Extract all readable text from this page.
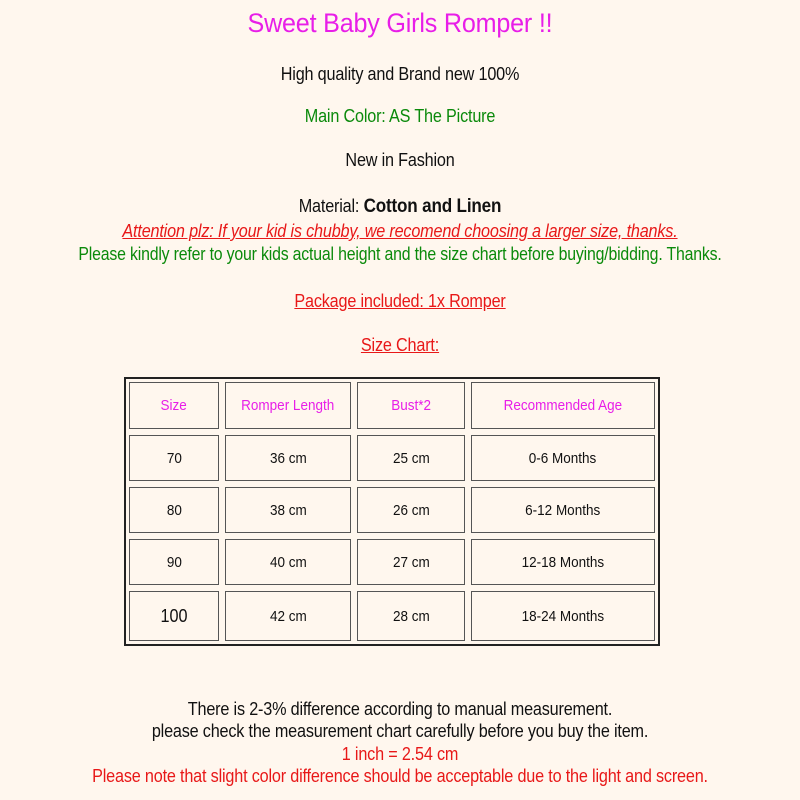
Sweet Baby Girls Romper !!
High quality and Brand new 100%
Main Color: AS The Picture
New in Fashion
Material: Cotton and Linen
Attention plz: If your kid is chubby, we recomend choosing a larger size, thanks.
Please kindly refer to your kids actual height and the size chart before buying/bidding. Thanks.
Package included: 1x Romper
Size Chart:
Size	Romper Length	Bust*2	Recommended Age
70	36 cm	25 cm	0-6 Months
80	38 cm	26 cm	6-12 Months
90	40 cm	27 cm	12-18 Months
100	42 cm	28 cm	18-24 Months
There is 2-3% difference according to manual measurement.
please check the measurement chart carefully before you buy the item.
1 inch = 2.54 cm
Please note that slight color difference should be acceptable due to the light and screen.
